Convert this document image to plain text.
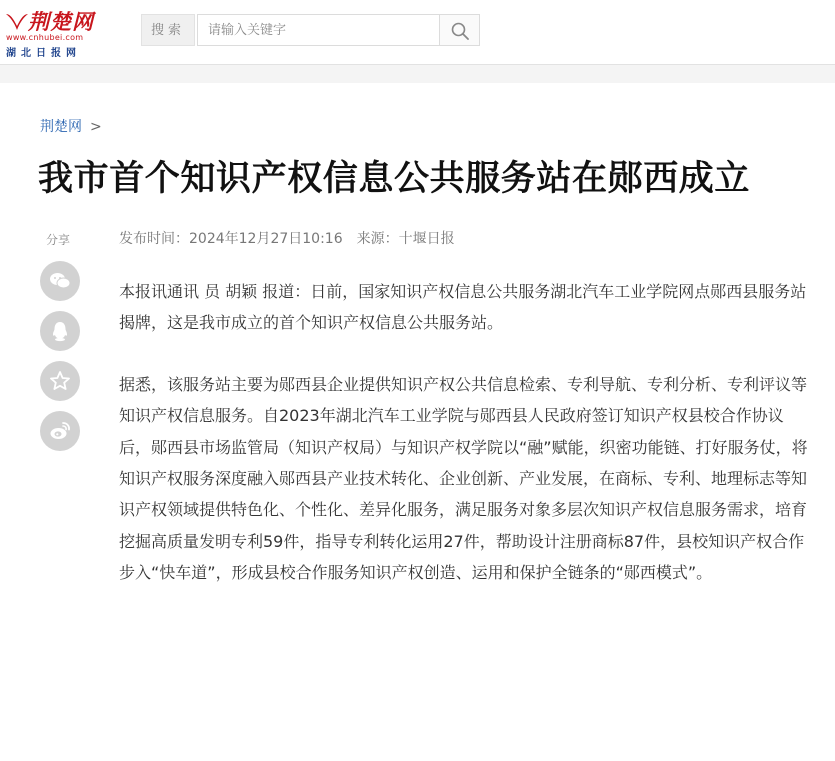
荆楚网
www.cnhubei.com
湖北日报网
搜索
请输入关键字
荆楚网 >
我市首个知识产权信息公共服务站在郧西成立
分享	发布时间：2024年12月27日10:16 来源：十堰日报

本报讯通讯 员 胡颖 报道：日前，国家知识产权信息公共服务湖北汽车工业学院网点郧西县服务站揭牌，这是我市成立的首个知识产权信息公共服务站。

据悉，该服务站主要为郧西县企业提供知识产权公共信息检索、专利导航、专利分析、专利评议等知识产权信息服务。自2023年湖北汽车工业学院与郧西县人民政府签订知识产权县校合作协议后，郧西县市场监管局（知识产权局）与知识产权学院以“融”赋能，织密功能链、打好服务仗，将知识产权服务深度融入郧西县产业技术转化、企业创新、产业发展，在商标、专利、地理标志等知识产权领域提供特色化、个性化、差异化服务，满足服务对象多层次知识产权信息服务需求，培育挖掘高质量发明专利59件，指导专利转化运用27件，帮助设计注册商标87件，县校知识产权合作步入“快车道”，形成县校合作服务知识产权创造、运用和保护全链条的“郧西模式”。
